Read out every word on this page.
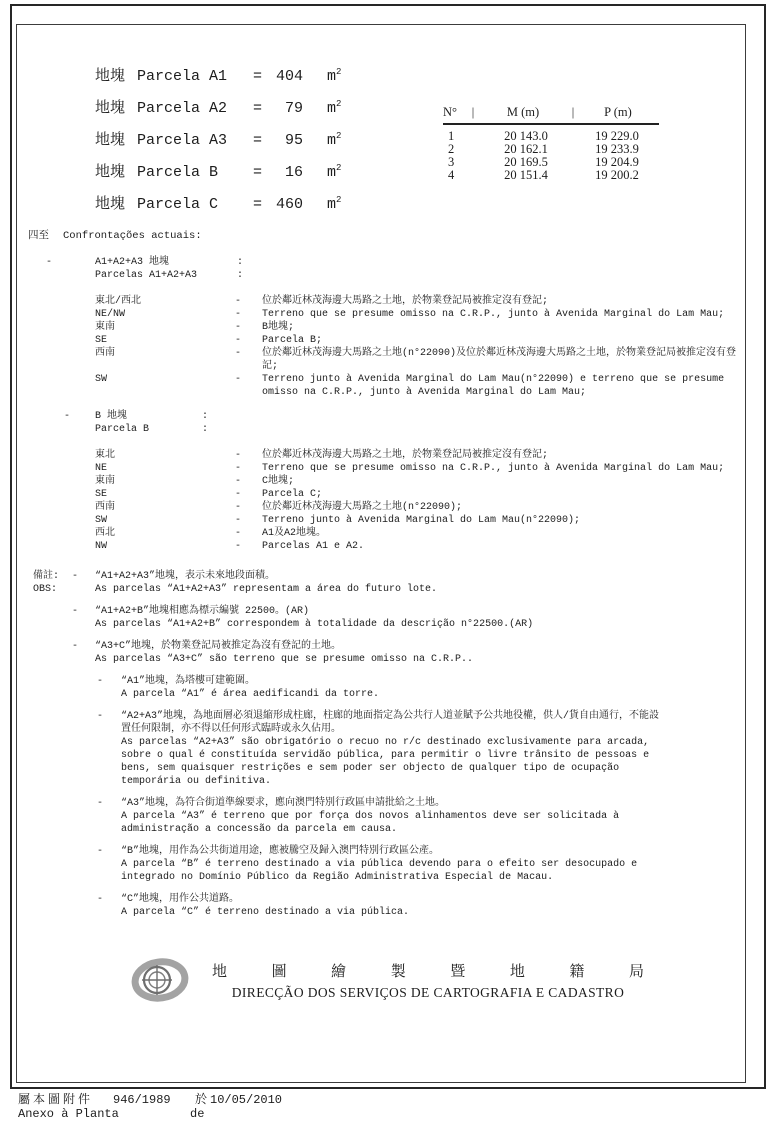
地塊 Parcela A1	= 404 $m^2$
地塊 Parcela A2	=	79 $m^2$
地塊 Parcela A3	=	95 $m^2$
地塊 Parcela B	=	16 $m^2$
地塊 Parcela C	= 460 $m^2$
N°	|	M (m)	|	P (m)
1	20 143.0	19 229.0
2	20 162.1	19 233.9
3	20 169.5	19 204.9
4	20 151.4	19 200.2
四至 Confrontações actuais:
-	A1+A2+A3 地塊	:
Parcelas A1+A2+A3	:
東北/西北	-	位於鄰近林茂海邊大馬路之土地，於物業登記局被推定沒有登記;
NE/NW	-	Terreno que se presume omisso na C.R.P., junto à Avenida Marginal do Lam Mau;
東南	-	B地塊;
SE	-	Parcela B;
西南	-	位於鄰近林茂海邊大馬路之土地(n°22090)及位於鄰近林茂海邊大馬路之土地，於物業登記局被推定沒有登記;
SW	-	Terreno junto à Avenida Marginal do Lam Mau(n°22090) e terreno que se presume omisso na C.R.P., junto à Avenida Marginal do Lam Mau;
- B 地塊	:
Parcela B	:
東北	-	位於鄰近林茂海邊大馬路之土地，於物業登記局被推定沒有登記;
NE	-	Terreno que se presume omisso na C.R.P., junto à Avenida Marginal do Lam Mau;
東南	-	C地塊;
SE	-	Parcela C;
西南	-	位於鄰近林茂海邊大馬路之土地(n°22090);
SW	-	Terreno junto à Avenida Marginal do Lam Mau(n°22090);
西北	-	A1及A2地塊。
NW	-	Parcelas A1 e A2.
備註:
OBS:
-	“A1+A2+A3”地塊，表示未來地段面積。
As parcelas “A1+A2+A3” representam a área do futuro lote.
-	“A1+A2+B”地塊相應為標示編號 22500。(AR)
As parcelas “A1+A2+B” correspondem à totalidade da descrição n°22500.(AR)
-	“A3+C”地塊，於物業登記局被推定為沒有登記的土地。
As parcelas “A3+C” são terreno que se presume omisso na C.R.P..
-	“A1”地塊，為塔樓可建範圍。
A parcela “A1” é área aedificandi da torre.
-	“A2+A3”地塊，為地面層必須退縮形成柱廊，柱廊的地面指定為公共行人道並賦予公共地役權，供人/貨自由通行，不能設置任何限制，亦不得以任何形式臨時或永久佔用。
As parcelas “A2+A3” são obrigatório o recuo no r/c destinado exclusivamente para arcada, sobre o qual é constituída servidão pública, para permitir o livre trânsito de pessoas e bens, sem quaisquer restrições e sem poder ser objecto de qualquer tipo de ocupação temporária ou definitiva.
-	“A3”地塊，為符合街道準線要求，應向澳門特別行政區申請批給之土地。
A parcela “A3” é terreno que por força dos novos alinhamentos deve ser solicitada à administração a concessão da parcela em causa.
-	“B”地塊，用作為公共街道用途，應被騰空及歸入澳門特別行政區公產。
A parcela “B” é terreno destinado a via pública devendo para o efeito ser desocupado e integrado no Domínio Público da Região Administrativa Especial de Macau.
-	“C”地塊，用作公共道路。
A parcela “C” é terreno destinado a via pública.
地	圖	繪	製	暨	地	籍	局
DIRECÇÃO DOS SERVIÇOS DE CARTOGRAFIA E CADASTRO
屬本圖附件 946/1989 於 10/05/2010
Anexo à Planta	de
